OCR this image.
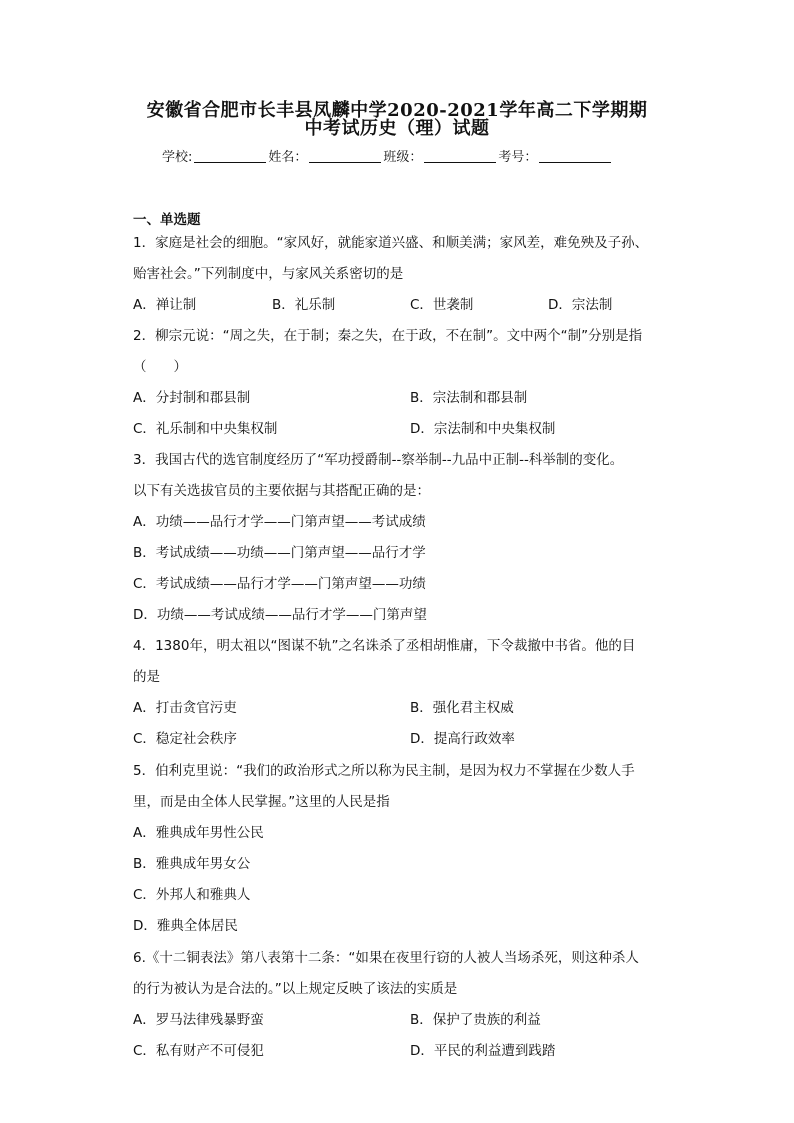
安徽省合肥市长丰县凤麟中学2020-2021学年高二下学期期
中考试历史（理）试题
学校:	姓名：	班级：	考号：
一、单选题

1．家庭是社会的细胞。“家风好，就能家道兴盛、和顺美满；家风差，难免殃及子孙、

贻害社会。”下列制度中，与家风关系密切的是

A．禅让制	B．礼乐制	C．世袭制	D．宗法制

2．柳宗元说：“周之失，在于制；秦之失，在于政，不在制”。文中两个“制”分别是指

（　　）

A．分封制和郡县制	B．宗法制和郡县制
C．礼乐制和中央集权制	D．宗法制和中央集权制

3．我国古代的选官制度经历了“军功授爵制--察举制--九品中正制--科举制的变化。

以下有关选拔官员的主要依据与其搭配正确的是：

A．功绩——品行才学——门第声望——考试成绩

B．考试成绩——功绩——门第声望——品行才学

C．考试成绩——品行才学——门第声望——功绩

D．功绩——考试成绩——品行才学——门第声望

4．1380年，明太祖以“图谋不轨”之名诛杀了丞相胡惟庸，下令裁撤中书省。他的目

的是

A．打击贪官污吏	B．强化君主权威
C．稳定社会秩序	D．提高行政效率

5．伯利克里说：“我们的政治形式之所以称为民主制，是因为权力不掌握在少数人手

里，而是由全体人民掌握。”这里的人民是指

A．雅典成年男性公民

B．雅典成年男女公

C．外邦人和雅典人

D．雅典全体居民

6.《十二铜表法》第八表第十二条：“如果在夜里行窃的人被人当场杀死，则这种杀人

的行为被认为是合法的。”以上规定反映了该法的实质是

A．罗马法律残暴野蛮	B．保护了贵族的利益
C．私有财产不可侵犯	D．平民的利益遭到践踏
